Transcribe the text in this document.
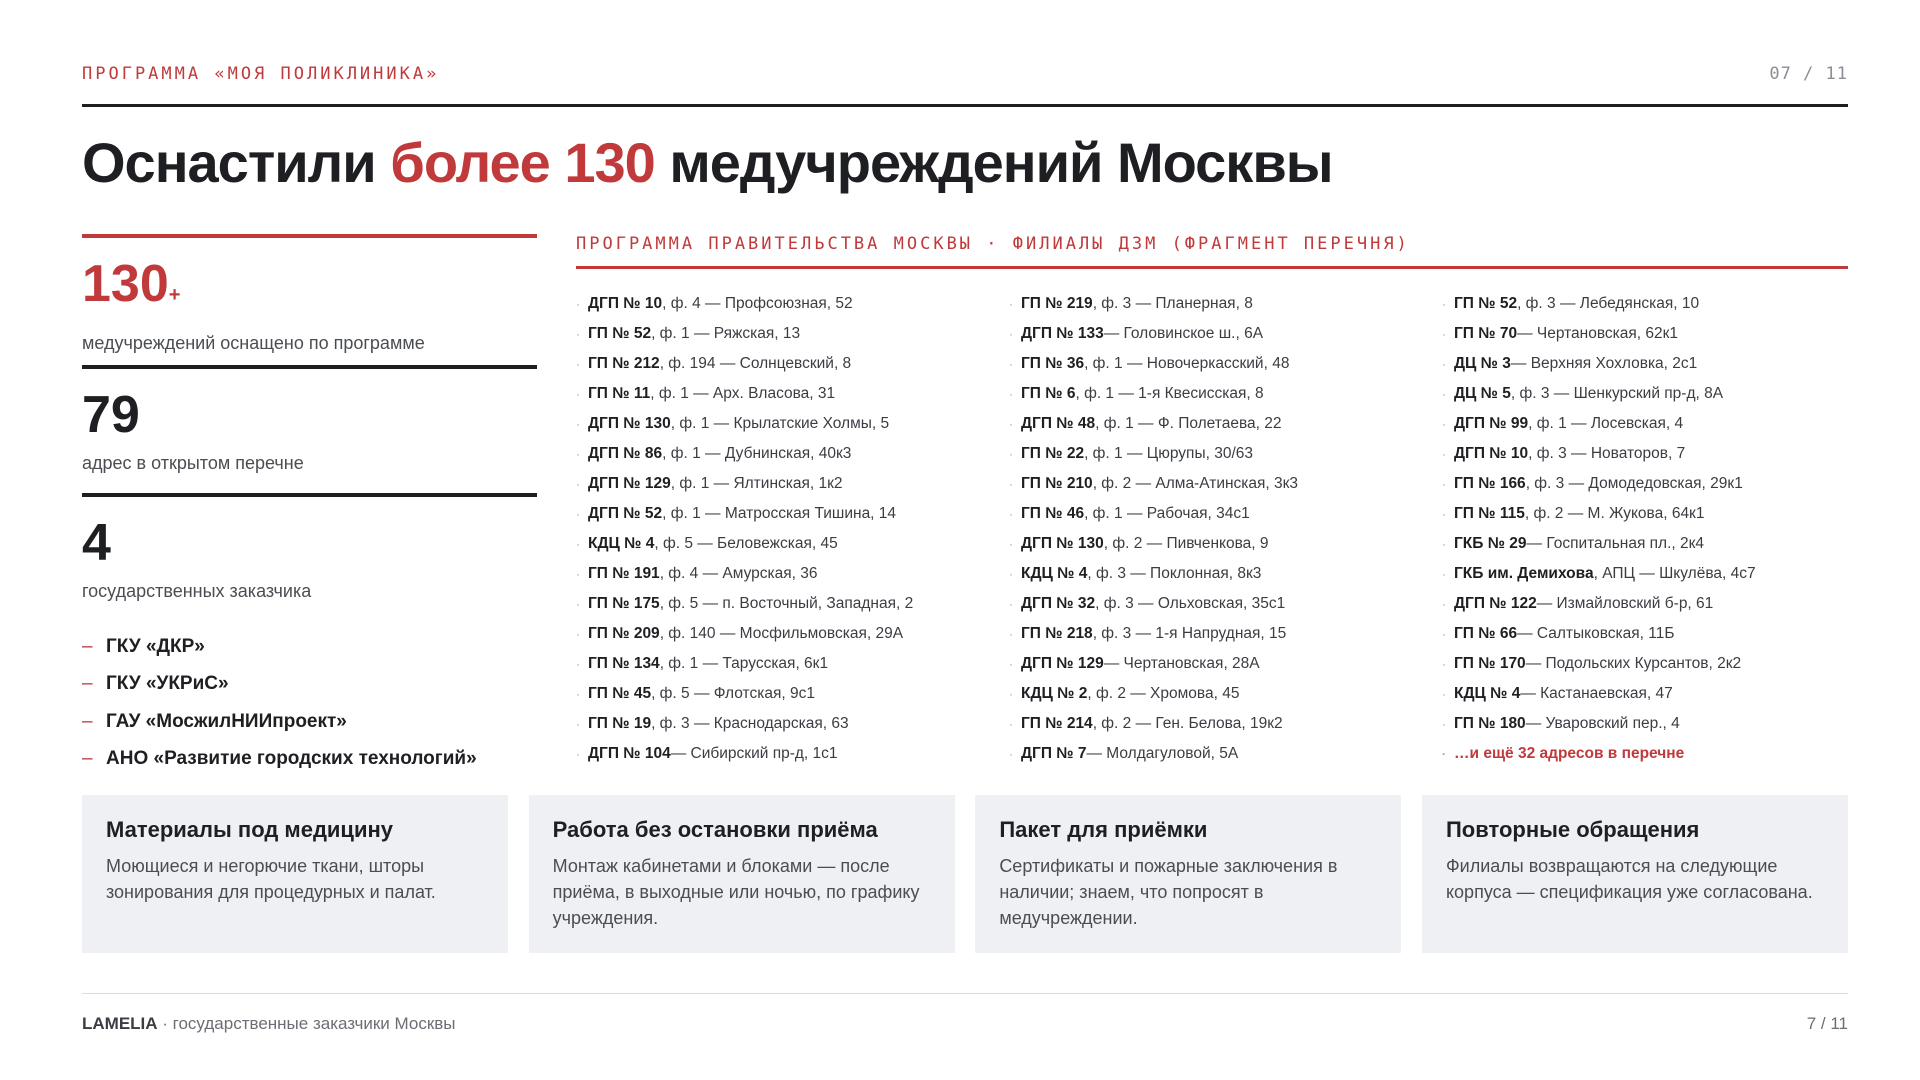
ПРОГРАММА «МОЯ ПОЛИКЛИНИКА»	07 / 11
Оснастили более 130 медучреждений Москвы
130+
медучреждений оснащено по программе
79
адрес в открытом перечне
4
государственных заказчика
– ГКУ «ДКР»
– ГКУ «УКРиС»
– ГАУ «МосжилНИИпроект»
– АНО «Развитие городских технологий»
ПРОГРАММА ПРАВИТЕЛЬСТВА МОСКВЫ · ФИЛИАЛЫ ДЗМ (ФРАГМЕНТ ПЕРЕЧНЯ)
· ДГП № 10 , ф. 4 — Профсоюзная, 52
· ГП № 52 , ф. 1 — Ряжская, 13
· ГП № 212 , ф. 194 — Солнцевский, 8
· ГП № 11 , ф. 1 — Арх. Власова, 31
· ДГП № 130 , ф. 1 — Крылатские Холмы, 5
· ДГП № 86 , ф. 1 — Дубнинская, 40к3
· ДГП № 129 , ф. 1 — Ялтинская, 1к2
· ДГП № 52 , ф. 1 — Матросская Тишина, 14
· КДЦ № 4 , ф. 5 — Беловежская, 45
· ГП № 191 , ф. 4 — Амурская, 36
· ГП № 175 , ф. 5 — п. Восточный, Западная, 2
· ГП № 209 , ф. 140 — Мосфильмовская, 29А
· ГП № 134 , ф. 1 — Тарусская, 6к1
· ГП № 45 , ф. 5 — Флотская, 9с1
· ГП № 19 , ф. 3 — Краснодарская, 63
· ДГП № 104 — Сибирский пр-д, 1с1
· ГП № 219 , ф. 3 — Планерная, 8
· ДГП № 133 — Головинское ш., 6А
· ГП № 36 , ф. 1 — Новочеркасский, 48
· ГП № 6 , ф. 1 — 1-я Квесисская, 8
· ДГП № 48 , ф. 1 — Ф. Полетаева, 22
· ГП № 22 , ф. 1 — Цюрупы, 30/63
· ГП № 210 , ф. 2 — Алма-Атинская, 3к3
· ГП № 46 , ф. 1 — Рабочая, 34с1
· ДГП № 130 , ф. 2 — Пивченкова, 9
· КДЦ № 4 , ф. 3 — Поклонная, 8к3
· ДГП № 32 , ф. 3 — Ольховская, 35с1
· ГП № 218 , ф. 3 — 1-я Напрудная, 15
· ДГП № 129 — Чертановская, 28А
· КДЦ № 2 , ф. 2 — Хромова, 45
· ГП № 214 , ф. 2 — Ген. Белова, 19к2
· ДГП № 7 — Молдагуловой, 5А
· ГП № 52 , ф. 3 — Лебедянская, 10
· ГП № 70 — Чертановская, 62к1
· ДЦ № 3 — Верхняя Хохловка, 2с1
· ДЦ № 5 , ф. 3 — Шенкурский пр-д, 8А
· ДГП № 99 , ф. 1 — Лосевская, 4
· ДГП № 10 , ф. 3 — Новаторов, 7
· ГП № 166 , ф. 3 — Домодедовская, 29к1
· ГП № 115 , ф. 2 — М. Жукова, 64к1
· ГКБ № 29 — Госпитальная пл., 2к4
· ГКБ им. Демихова , АПЦ — Шкулёва, 4с7
· ДГП № 122 — Измайловский б-р, 61
· ГП № 66 — Салтыковская, 11Б
· ГП № 170 — Подольских Курсантов, 2к2
· КДЦ № 4 — Кастанаевская, 47
· ГП № 180 — Уваровский пер., 4
· …и ещё 32 адресов в перечне
Материалы под медицину
Моющиеся и негорючие ткани, шторы зонирования для процедурных и палат.
Работа без остановки приёма
Монтаж кабинетами и блоками — после приёма, в выходные или ночью, по графику учреждения.
Пакет для приёмки
Сертификаты и пожарные заключения в наличии; знаем, что попросят в медучреждении.
Повторные обращения
Филиалы возвращаются на следующие корпуса — спецификация уже согласована.
LAMELIA · государственные заказчики Москвы	7 / 11
